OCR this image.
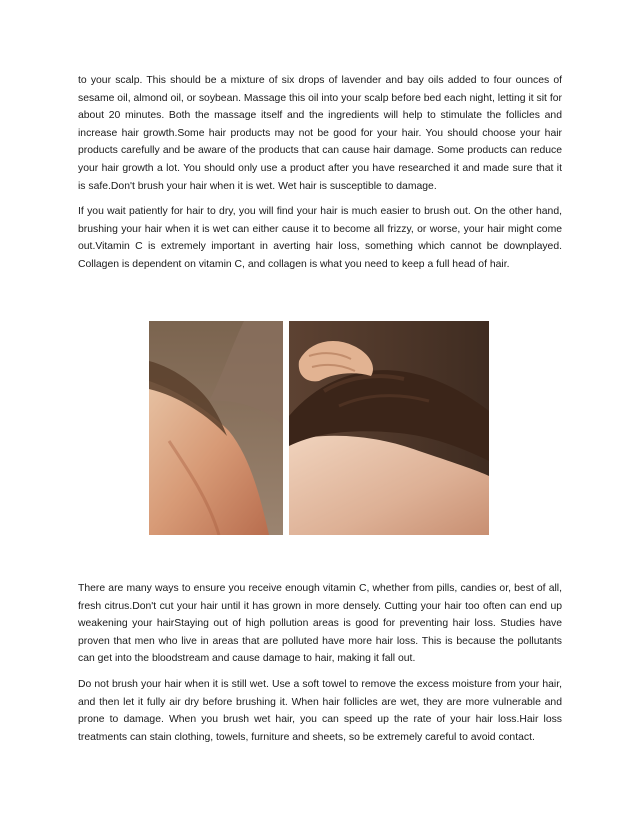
to your scalp. This should be a mixture of six drops of lavender and bay oils added to four ounces of sesame oil, almond oil, or soybean. Massage this oil into your scalp before bed each night, letting it sit for about 20 minutes. Both the massage itself and the ingredients will help to stimulate the follicles and increase hair growth.Some hair products may not be good for your hair. You should choose your hair products carefully and be aware of the products that can cause hair damage. Some products can reduce your hair growth a lot. You should only use a product after you have researched it and made sure that it is safe.Don't brush your hair when it is wet. Wet hair is susceptible to damage.

If you wait patiently for hair to dry, you will find your hair is much easier to brush out. On the other hand, brushing your hair when it is wet can either cause it to become all frizzy, or worse, your hair might come out.Vitamin C is extremely important in averting hair loss, something which cannot be downplayed. Collagen is dependent on vitamin C, and collagen is what you need to keep a full head of hair.

There are many ways to ensure you receive enough vitamin C, whether from pills, candies or, best of all, fresh citrus.Don't cut your hair until it has grown in more densely. Cutting your hair too often can end up weakening your hairStaying out of high pollution areas is good for preventing hair loss. Studies have proven that men who live in areas that are polluted have more hair loss. This is because the pollutants can get into the bloodstream and cause damage to hair, making it fall out.

Do not brush your hair when it is still wet. Use a soft towel to remove the excess moisture from your hair, and then let it fully air dry before brushing it. When hair follicles are wet, they are more vulnerable and prone to damage. When you brush wet hair, you can speed up the rate of your hair loss.Hair loss treatments can stain clothing, towels, furniture and sheets, so be extremely careful to avoid contact.
